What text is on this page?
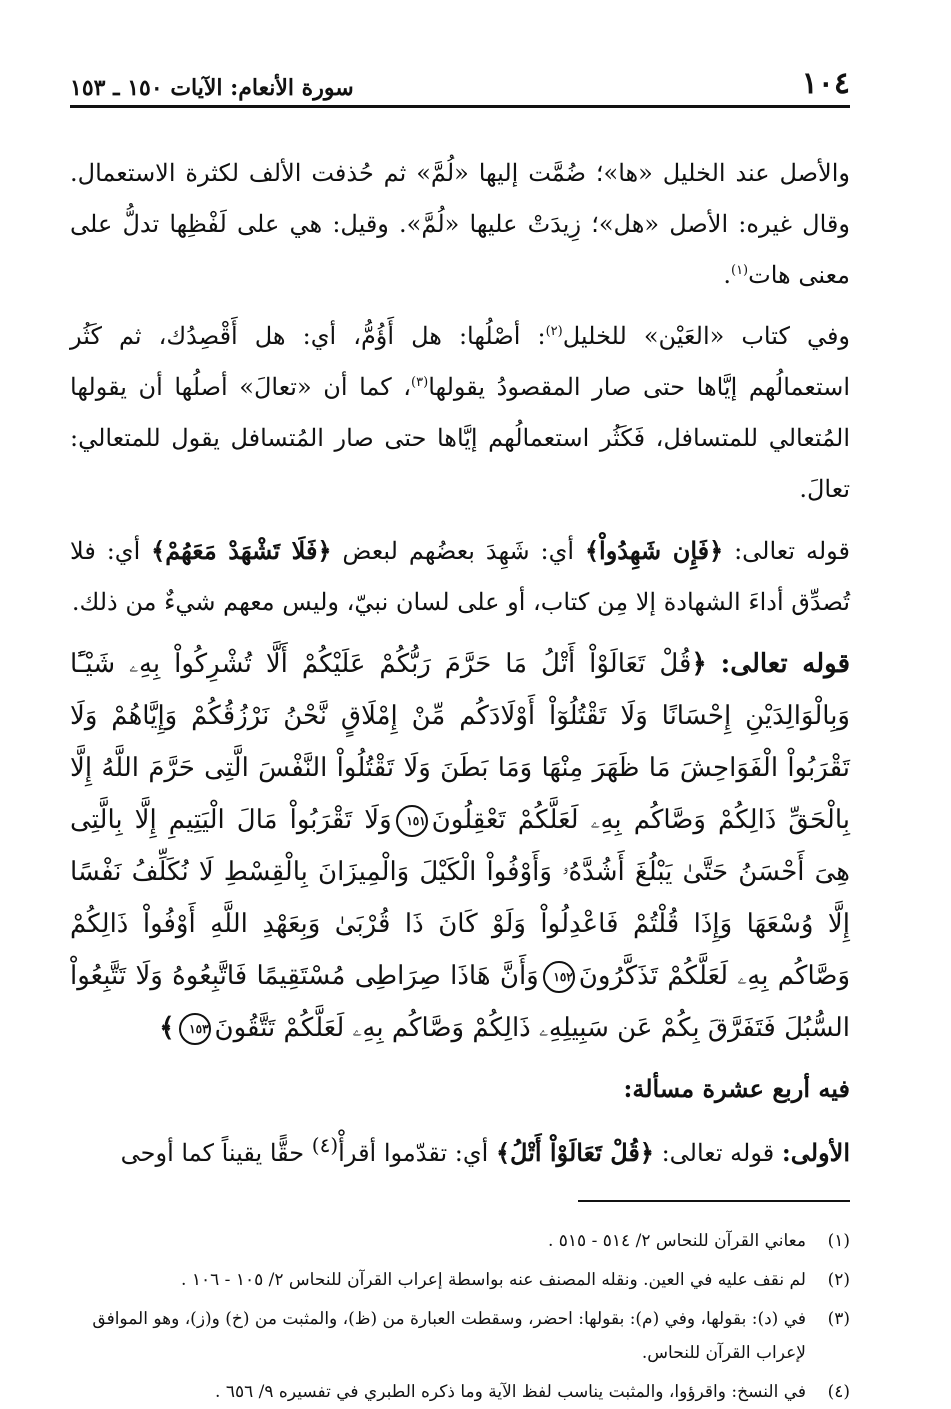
١٠٤
سورة الأنعام: الآيات ١٥٠ ـ ١٥٣

والأصل عند الخليل «ها»؛ ضُمَّت إليها «لُمَّ» ثم حُذفت الألف لكثرة الاستعمال. وقال غيره: الأصل «هل»؛ زِيدَتْ عليها «لُمَّ». وقيل: هي على لَفْظِها تدلُّ على معنى هات$^{(١)}$.

وفي كتاب «العَيْن» للخليل$^{(٢)}$: أصْلُها: هل أَؤُمُّ، أي: هل أَقْصِدُك، ثم كَثُر استعمالُهم إيَّاها حتى صار المقصودُ يقولها$^{(٣)}$، كما أن «تعالَ» أصلُها أن يقولها المُتعالي للمتسافل، فَكَثُر استعمالُهم إيَّاها حتى صار المُتسافل يقول للمتعالي: تعالَ.

قوله تعالى: ﴿فَإِن شَهِدُواْ﴾ أي: شَهِدَ بعضُهم لبعض ﴿فَلَا تَشْهَدْ مَعَهُمْ﴾ أي: فلا تُصدِّق أداءَ الشهادة إلا مِن كتاب، أو على لسان نبيّ، وليس معهم شيءٌ من ذلك.

قوله تعالى: ﴿قُلْ تَعَالَوْاْ أَتْلُ مَا حَرَّمَ رَبُّكُمْ عَلَيْكُمْ أَلَّا تُشْرِكُواْ بِهِۦ شَيْـًٔا وَبِالْوَالِدَيْنِ إِحْسَانًا وَلَا تَقْتُلُوٓاْ أَوْلَادَكُم مِّنْ إِمْلَاقٍ نَّحْنُ نَرْزُقُكُمْ وَإِيَّاهُمْ وَلَا تَقْرَبُواْ الْفَوَاحِشَ مَا ظَهَرَ مِنْهَا وَمَا بَطَنَ وَلَا تَقْتُلُواْ النَّفْسَ الَّتِى حَرَّمَ اللَّهُ إِلَّا بِالْحَقِّ ذَالِكُمْ وَصَّاكُم بِهِۦ لَعَلَّكُمْ تَعْقِلُونَ١٥١وَلَا تَقْرَبُواْ مَالَ الْيَتِيمِ إِلَّا بِالَّتِى هِىَ أَحْسَنُ حَتَّىٰ يَبْلُغَ أَشُدَّهُۥ وَأَوْفُواْ الْكَيْلَ وَالْمِيزَانَ بِالْقِسْطِ لَا نُكَلِّفُ نَفْسًا إِلَّا وُسْعَهَا وَإِذَا قُلْتُمْ فَاعْدِلُواْ وَلَوْ كَانَ ذَا قُرْبَىٰ وَبِعَهْدِ اللَّهِ أَوْفُواْ ذَالِكُمْ وَصَّاكُم بِهِۦ لَعَلَّكُمْ تَذَكَّرُونَ١٥٢وَأَنَّ هَاذَا صِرَاطِى مُسْتَقِيمًا فَاتَّبِعُوهُ وَلَا تَتَّبِعُواْ السُّبُلَ فَتَفَرَّقَ بِكُمْ عَن سَبِيلِهِۦ ذَالِكُمْ وَصَّاكُم بِهِۦ لَعَلَّكُمْ تَتَّقُونَ١٥٣﴾

فيه أربع عشرة مسألة:

الأولى: قوله تعالى: ﴿قُلْ تَعَالَوْاْ أَتْلُ﴾ أي: تقدّموا أقرأْ$^{(٤)}$ حقًّا يقيناً كما أوحى

(١)
معاني القرآن للنحاس ٢/ ٥١٤ - ٥١٥ .
(٢)
لم نقف عليه في العين. ونقله المصنف عنه بواسطة إعراب القرآن للنحاس ٢/ ١٠٥ - ١٠٦ .
(٣)
في (د): بقولها، وفي (م): بقولها: احضر، وسقطت العبارة من (ظ)، والمثبت من (خ) و(ز)، وهو الموافق لإعراب القرآن للنحاس.
(٤)
في النسخ: واقرؤوا، والمثبت يناسب لفظ الآية وما ذكره الطبري في تفسيره ٩/ ٦٥٦ .
